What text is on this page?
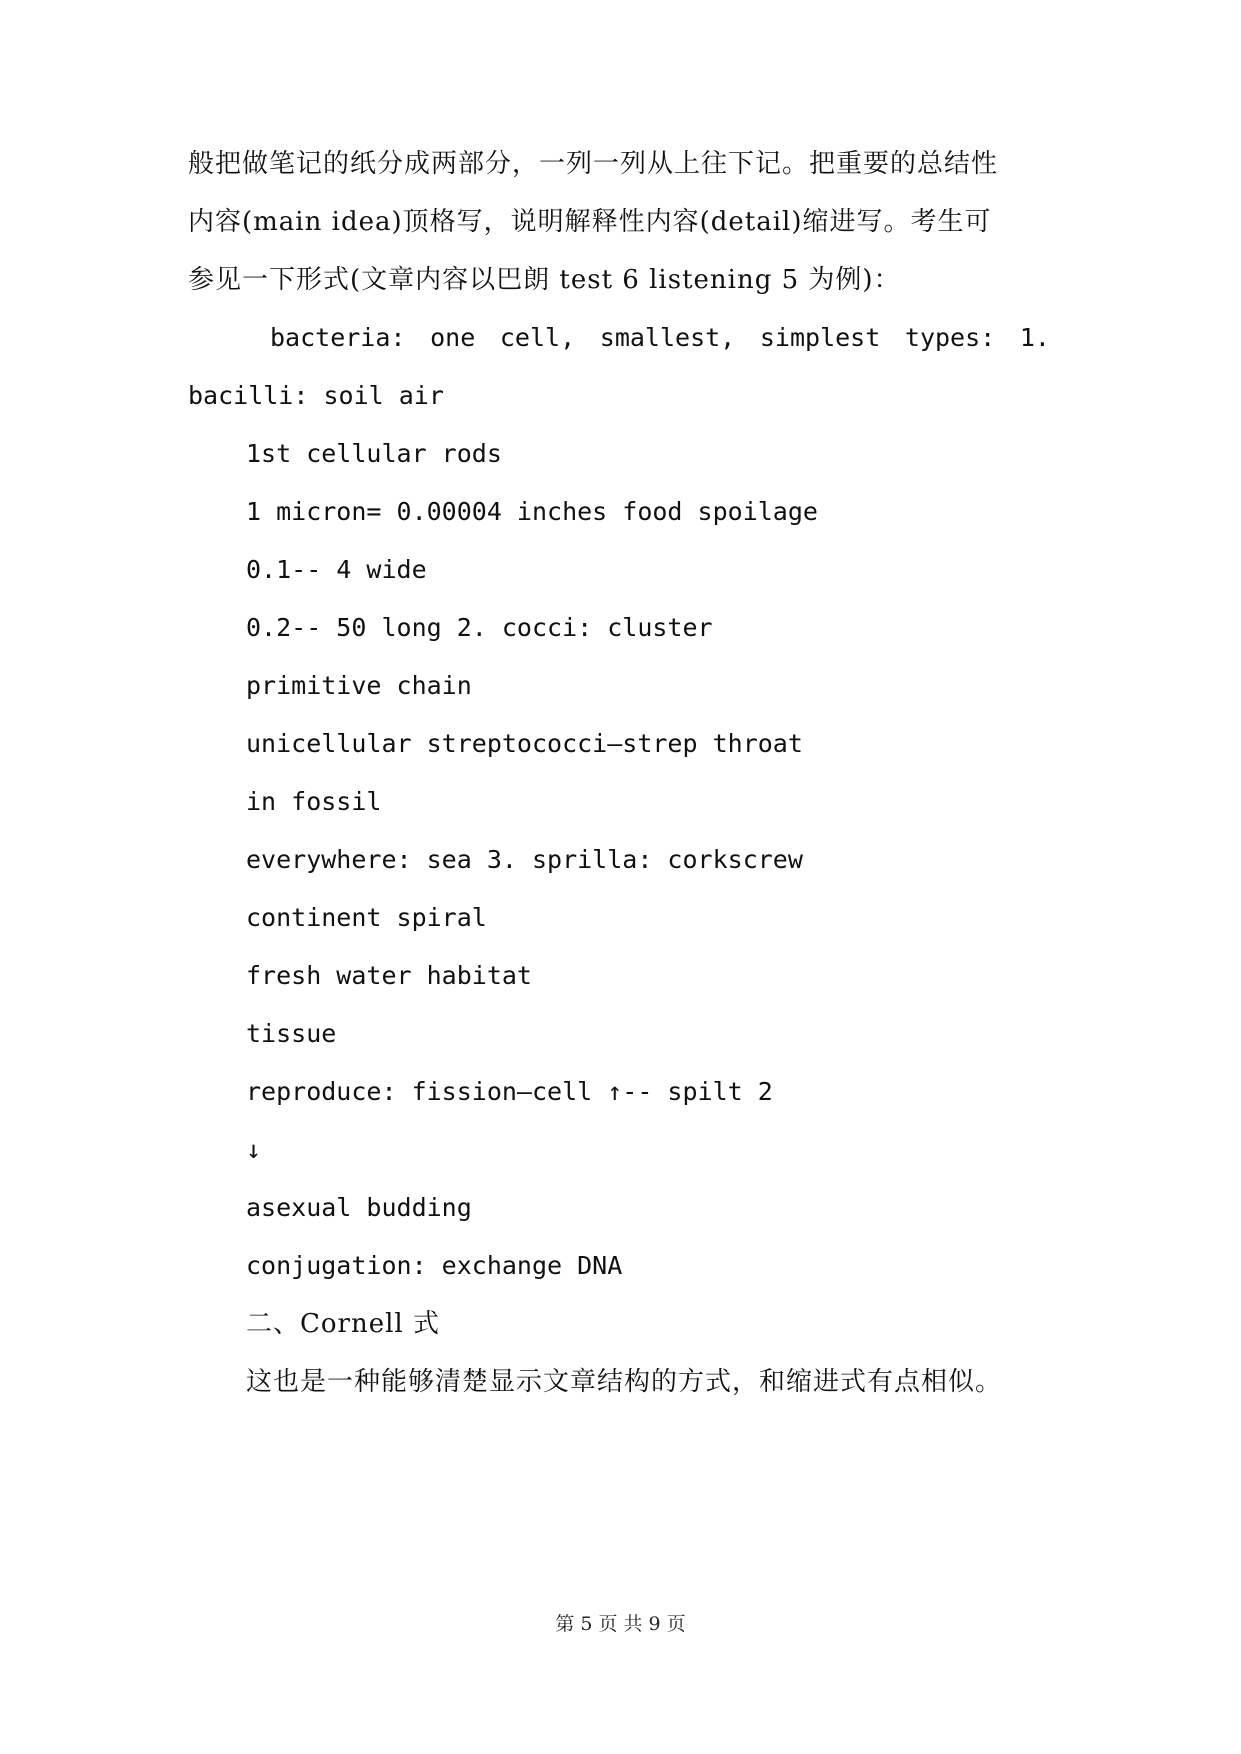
般把做笔记的纸分成两部分，一列一列从上往下记。把重要的总结性
内容(main idea)顶格写，说明解释性内容(detail)缩进写。考生可
参见一下形式(文章内容以巴朗 test 6 listening 5 为例)：
bacteria: one cell, smallest, simplest types: 1.
bacilli: soil air
1st cellular rods
1 micron= 0.00004 inches food spoilage
0.1-- 4 wide
0.2-- 50 long 2. cocci: cluster
primitive chain
unicellular streptococci—strep throat
in fossil
everywhere: sea 3. sprilla: corkscrew
continent spiral
fresh water habitat
tissue
reproduce: fission—cell ↑-- spilt 2
↓
asexual budding
conjugation: exchange DNA
二、Cornell 式
这也是一种能够清楚显示文章结构的方式，和缩进式有点相似。
第 5 页 共 9 页
